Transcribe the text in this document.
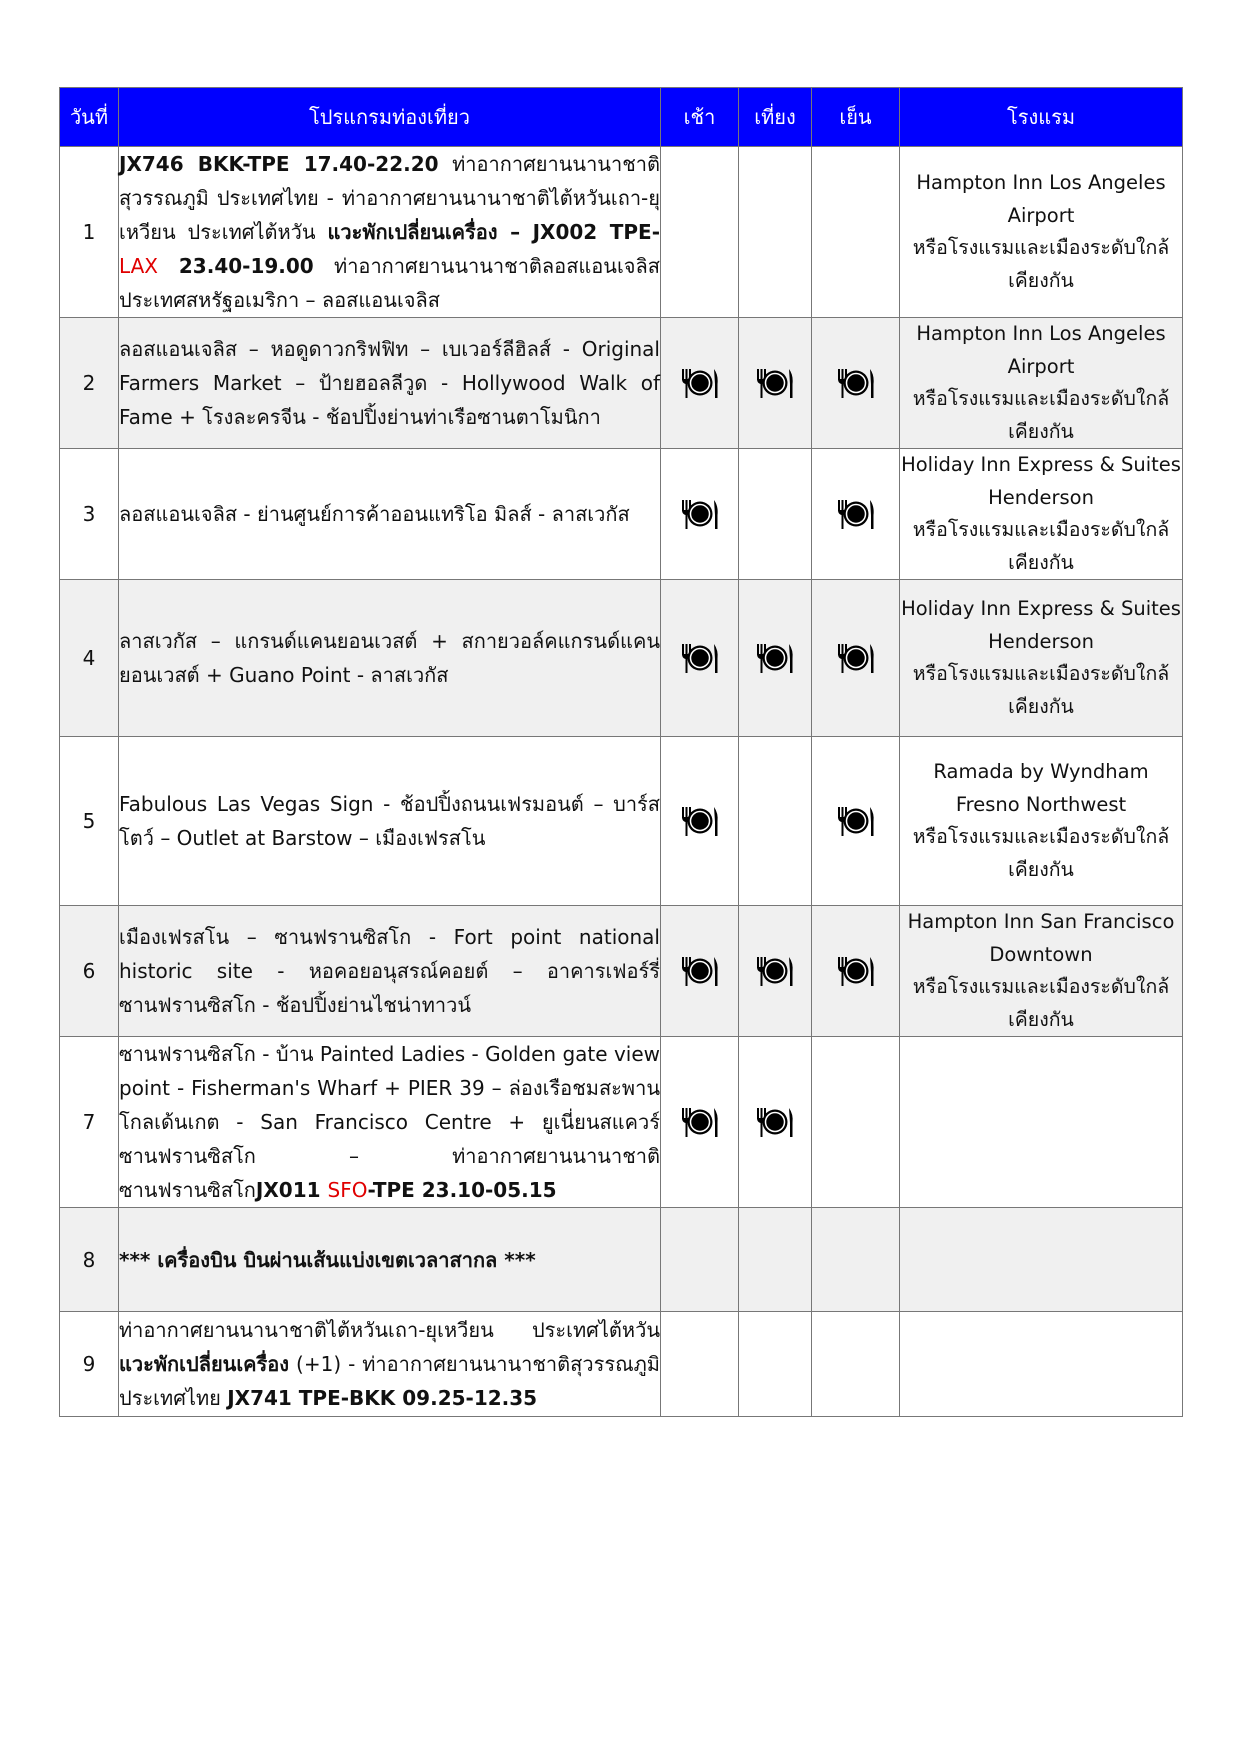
วันที่	โปรแกรมท่องเที่ยว	เช้า	เที่ยง	เย็น	โรงแรม
1	JX746 BKK-TPE 17.40-22.20 ท่าอากาศยานนานาชาติสุวรรณภูมิ ประเทศไทย - ท่าอากาศยานนานาชาติไต้หวันเถา-ยุเหวียน ประเทศไต้หวัน แวะพักเปลี่ยนเครื่อง – JX002 TPE-LAX 23.40-19.00 ท่าอากาศยานนานาชาติลอสแอนเจลิส ประเทศสหรัฐอเมริกา – ลอสแอนเจลิส				Hampton Inn Los Angeles Airport
หรือโรงแรมและเมืองระดับใกล้เคียงกัน

2	ลอสแอนเจลิส – หอดูดาวกริฟฟิท – เบเวอร์ลีฮิลส์ - Original Farmers Market – ป้ายฮอลลีวูด - Hollywood Walk of Fame + โรงละครจีน - ช้อปปิ้งย่านท่าเรือซานตาโมนิกา				Hampton Inn Los Angeles Airport
หรือโรงแรมและเมืองระดับใกล้เคียงกัน

3	ลอสแอนเจลิส - ย่านศูนย์การค้าออนแทริโอ มิลส์ - ลาสเวกัส				Holiday Inn Express & Suites Henderson
หรือโรงแรมและเมืองระดับใกล้เคียงกัน

4	ลาสเวกัส – แกรนด์แคนยอนเวสต์ + สกายวอล์คแกรนด์แคนยอนเวสต์ + Guano Point - ลาสเวกัส				Holiday Inn Express & Suites Henderson
หรือโรงแรมและเมืองระดับใกล้เคียงกัน

5	Fabulous Las Vegas Sign - ช้อปปิ้งถนนเฟรมอนต์ – บาร์สโตว์ – Outlet at Barstow – เมืองเฟรสโน				Ramada by Wyndham Fresno Northwest
หรือโรงแรมและเมืองระดับใกล้เคียงกัน

6	เมืองเฟรสโน – ซานฟรานซิสโก - Fort point national historic site - หอคอยอนุสรณ์คอยต์ – อาคารเฟอร์รี่ซานฟรานซิสโก - ช้อปปิ้งย่านไชน่าทาวน์				Hampton Inn San Francisco Downtown
หรือโรงแรมและเมืองระดับใกล้เคียงกัน

7	ซานฟรานซิสโก - บ้าน Painted Ladies - Golden gate view point - Fisherman's Wharf + PIER 39 – ล่องเรือชมสะพานโกลเด้นเกต - San Francisco Centre + ยูเนี่ยนสแควร์ซานฟรานซิสโก – ท่าอากาศยานนานาชาติซานฟรานซิสโกJX011 SFO-TPE 23.10-05.15				
8	*** เครื่องบิน บินผ่านเส้นแบ่งเขตเวลาสากล ***				
9	ท่าอากาศยานนานาชาติไต้หวันเถา-ยุเหวียน ประเทศไต้หวัน แวะพักเปลี่ยนเครื่อง (+1) - ท่าอากาศยานนานาชาติสุวรรณภูมิ ประเทศไทย JX741 TPE-BKK 09.25-12.35				
